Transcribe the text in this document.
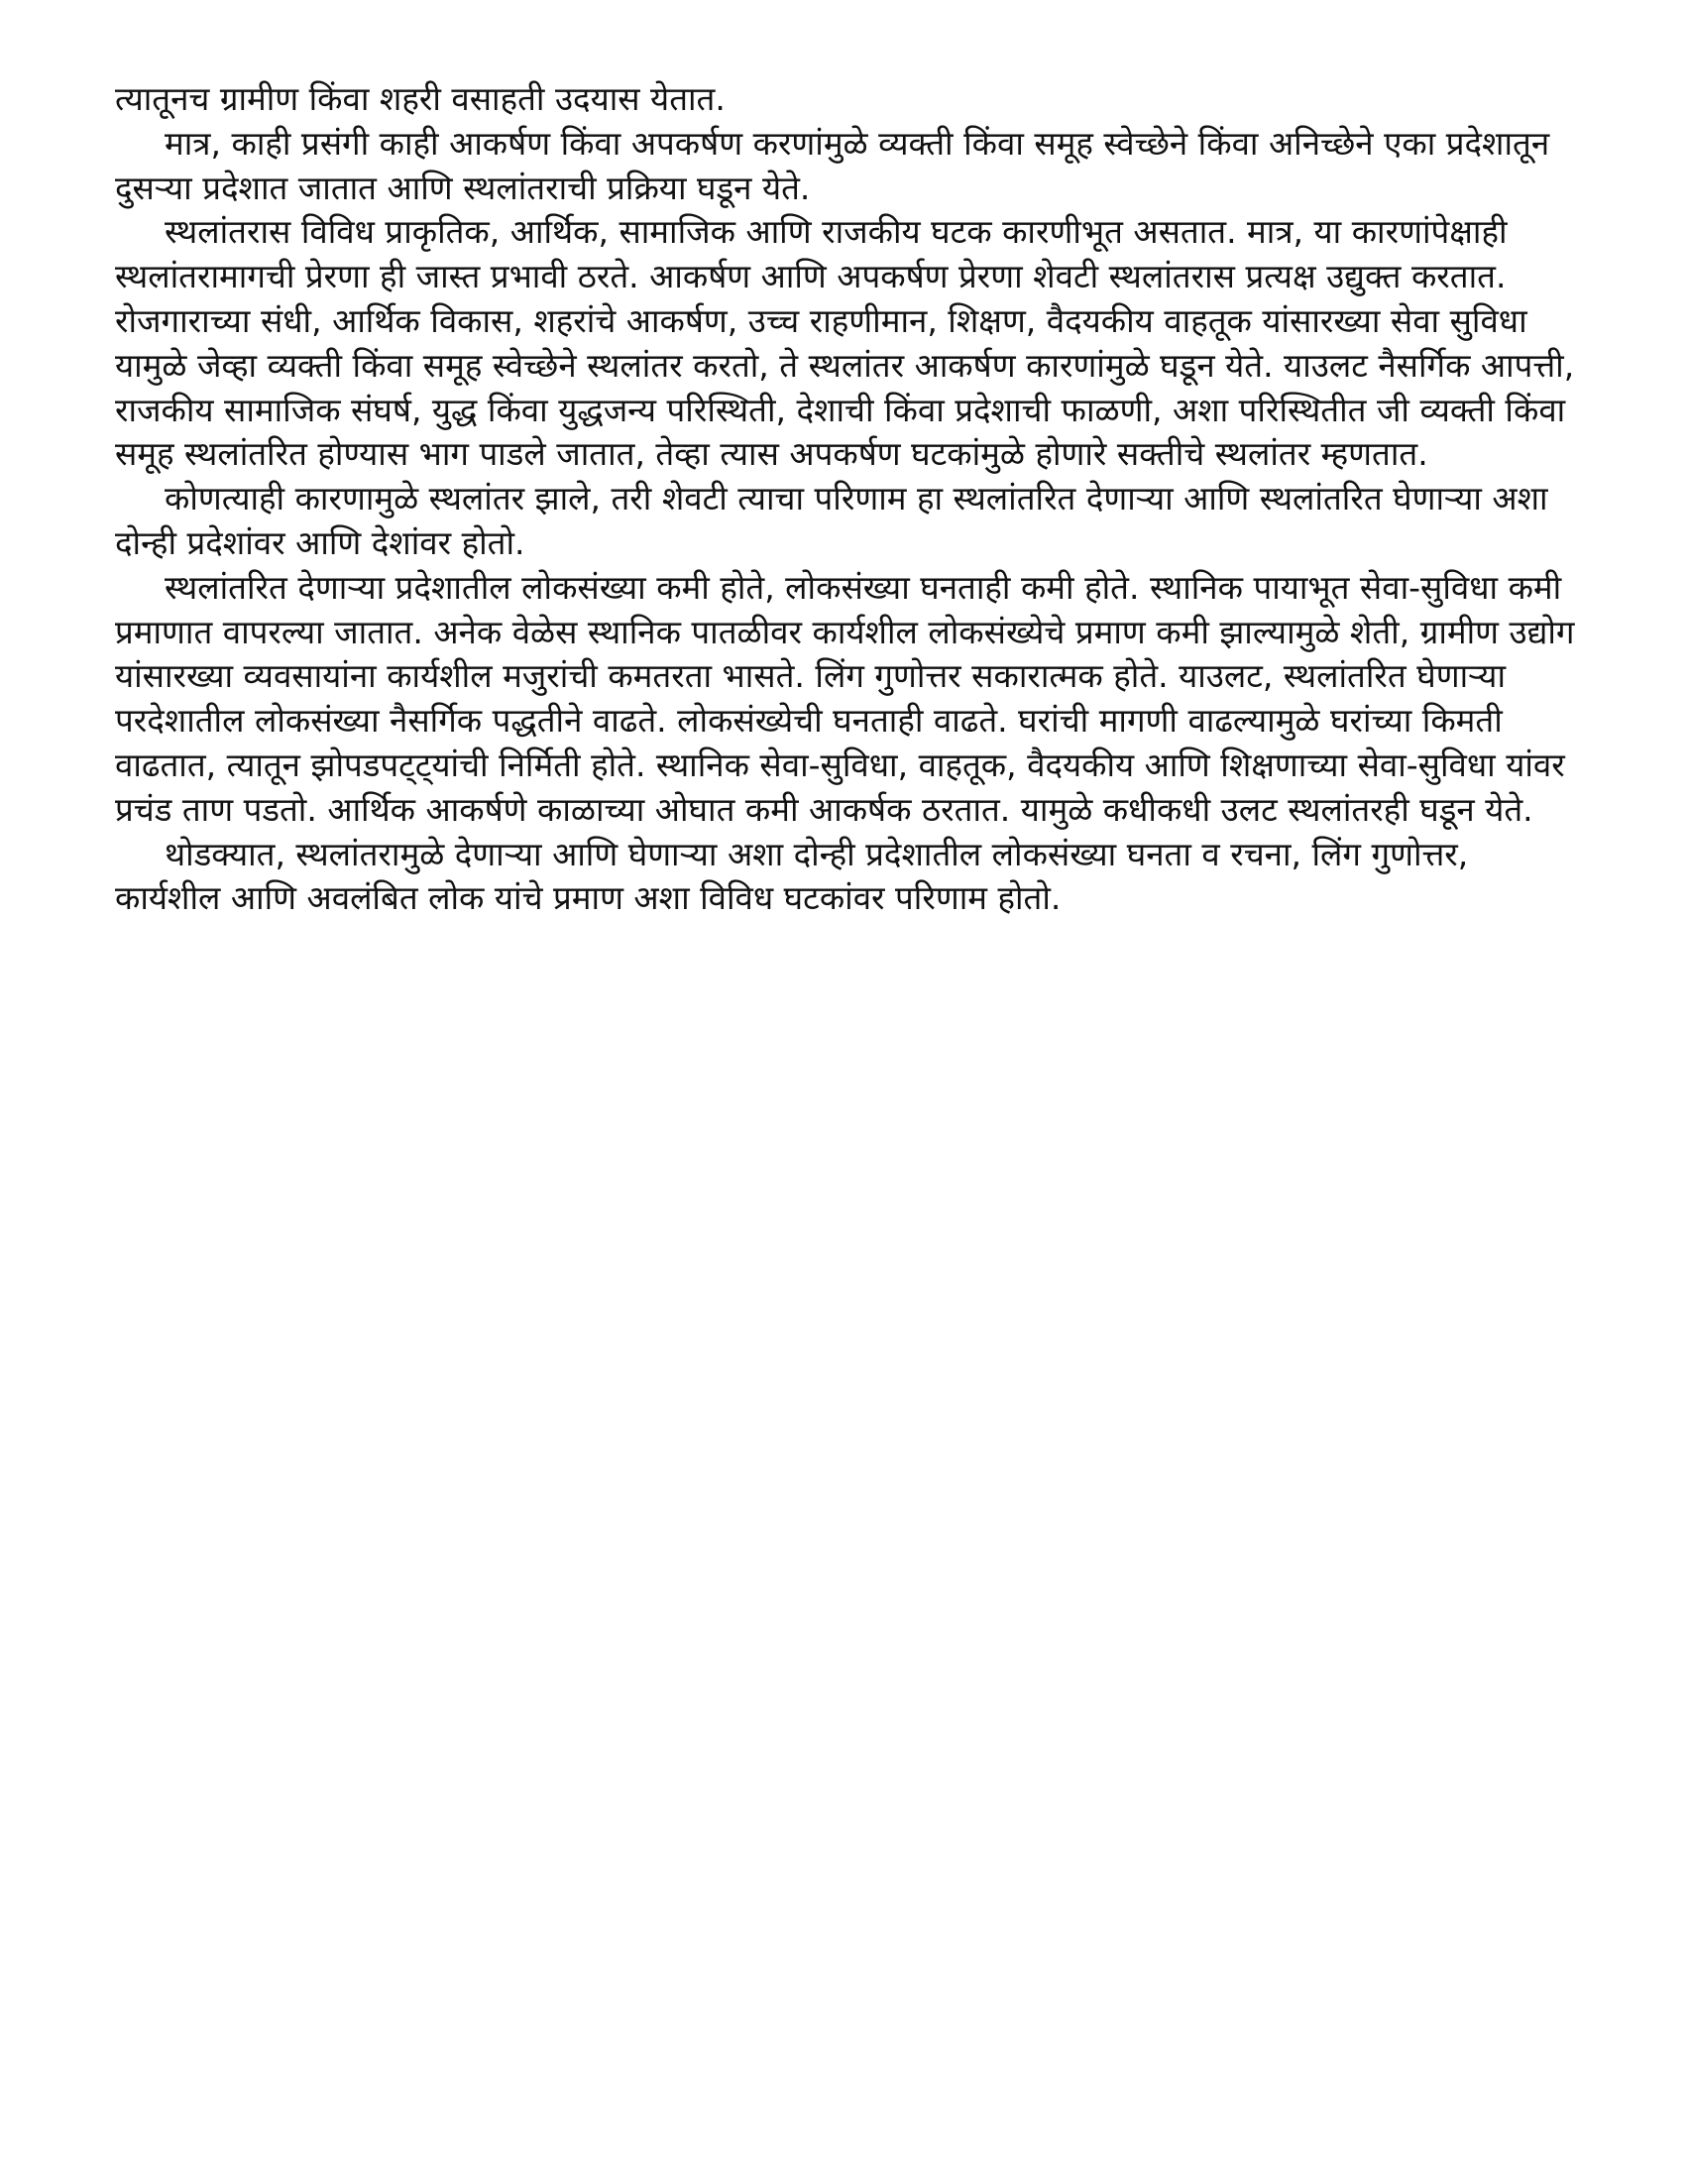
त्यातूनच ग्रामीण किंवा शहरी वसाहती उदयास येतात.

मात्र, काही प्रसंगी काही आकर्षण किंवा अपकर्षण करणांमुळे व्यक्ती किंवा समूह स्वेच्छेने किंवा अनिच्छेने एका प्रदेशातून दुसऱ्या प्रदेशात जातात आणि स्थलांतराची प्रक्रिया घडून येते.

स्थलांतरास विविध प्राकृतिक, आर्थिक, सामाजिक आणि राजकीय घटक कारणीभूत असतात. मात्र, या कारणांपेक्षाही स्थलांतरामागची प्रेरणा ही जास्त प्रभावी ठरते. आकर्षण आणि अपकर्षण प्रेरणा शेवटी स्थलांतरास प्रत्यक्ष उद्युक्त करतात. रोजगाराच्या संधी, आर्थिक विकास, शहरांचे आकर्षण, उच्च राहणीमान, शिक्षण, वैदयकीय वाहतूक यांसारख्या सेवा सुविधा यामुळे जेव्हा व्यक्ती किंवा समूह स्वेच्छेने स्थलांतर करतो, ते स्थलांतर आकर्षण कारणांमुळे घडून येते. याउलट नैसर्गिक आपत्ती, राजकीय सामाजिक संघर्ष, युद्ध किंवा युद्धजन्य परिस्थिती, देशाची किंवा प्रदेशाची फाळणी, अशा परिस्थितीत जी व्यक्ती किंवा समूह स्थलांतरित होण्यास भाग पाडले जातात, तेव्हा त्यास अपकर्षण घटकांमुळे होणारे सक्तीचे स्थलांतर म्हणतात.

कोणत्याही कारणामुळे स्थलांतर झाले, तरी शेवटी त्याचा परिणाम हा स्थलांतरित देणाऱ्या आणि स्थलांतरित घेणाऱ्या अशा दोन्ही प्रदेशांवर आणि देशांवर होतो.

स्थलांतरित देणाऱ्या प्रदेशातील लोकसंख्या कमी होते, लोकसंख्या घनताही कमी होते. स्थानिक पायाभूत सेवा-सुविधा कमी प्रमाणात वापरल्या जातात. अनेक वेळेस स्थानिक पातळीवर कार्यशील लोकसंख्येचे प्रमाण कमी झाल्यामुळे शेती, ग्रामीण उद्योग यांसारख्या व्यवसायांना कार्यशील मजुरांची कमतरता भासते. लिंग गुणोत्तर सकारात्मक होते. याउलट, स्थलांतरित घेणाऱ्या परदेशातील लोकसंख्या नैसर्गिक पद्धतीने वाढते. लोकसंख्येची घनताही वाढते. घरांची मागणी वाढल्यामुळे घरांच्या किमती वाढतात, त्यातून झोपडपट्ट्यांची निर्मिती होते. स्थानिक सेवा-सुविधा, वाहतूक, वैदयकीय आणि शिक्षणाच्या सेवा-सुविधा यांवर प्रचंड ताण पडतो. आर्थिक आकर्षणे काळाच्या ओघात कमी आकर्षक ठरतात. यामुळे कधीकधी उलट स्थलांतरही घडून येते.

थोडक्यात, स्थलांतरामुळे देणाऱ्या आणि घेणाऱ्या अशा दोन्ही प्रदेशातील लोकसंख्या घनता व रचना, लिंग गुणोत्तर, कार्यशील आणि अवलंबित लोक यांचे प्रमाण अशा विविध घटकांवर परिणाम होतो.
